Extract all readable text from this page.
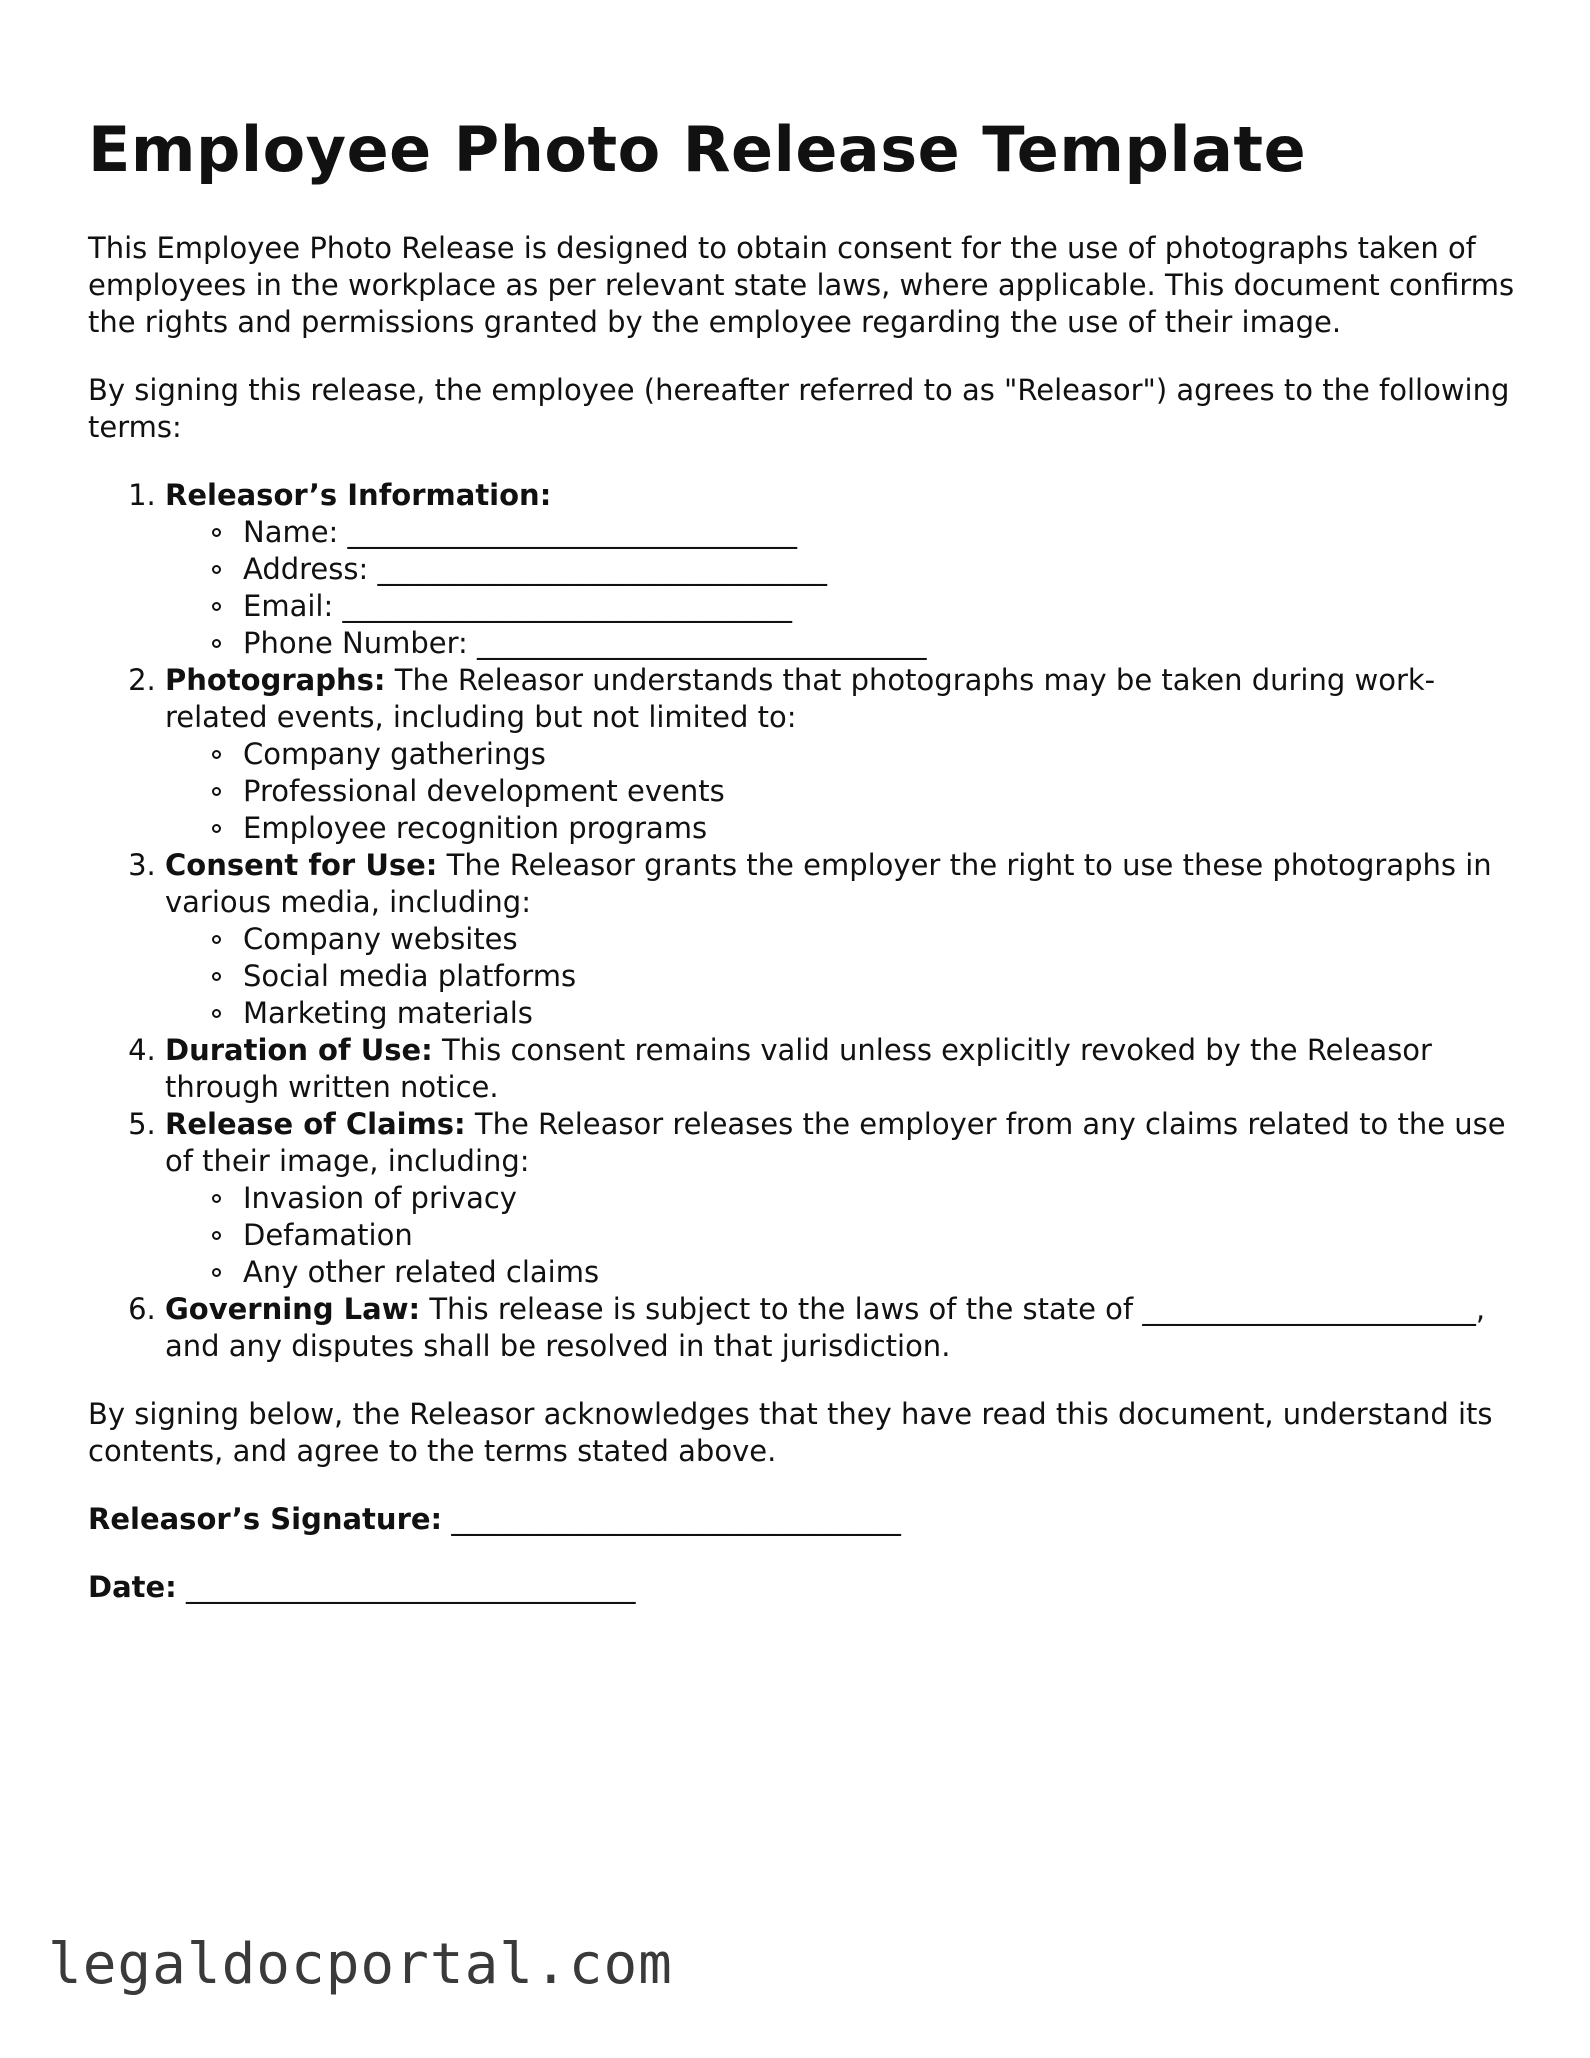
Employee Photo Release Template

This Employee Photo Release is designed to obtain consent for the use of photographs taken of employees in the workplace as per relevant state laws, where applicable. This document confirms the rights and permissions granted by the employee regarding the use of their image.

By signing this release, the employee (hereafter referred to as "Releasor") agrees to the following terms:

1. Releasor’s Information:
Name: _______________________________
Address: _______________________________
Email: _______________________________
Phone Number: _______________________________
2. Photographs: The Releasor understands that photographs may be taken during work-related events, including but not limited to:
Company gatherings
Professional development events
Employee recognition programs
3. Consent for Use: The Releasor grants the employer the right to use these photographs in various media, including:
Company websites
Social media platforms
Marketing materials
4. Duration of Use: This consent remains valid unless explicitly revoked by the Releasor through written notice.
5. Release of Claims: The Releasor releases the employer from any claims related to the use of their image, including:
Invasion of privacy
Defamation
Any other related claims
6. Governing Law: This release is subject to the laws of the state of _______________________, and any disputes shall be resolved in that jurisdiction.

By signing below, the Releasor acknowledges that they have read this document, understand its contents, and agree to the terms stated above.

Releasor’s Signature: _______________________________
Date: _______________________________
legaldocportal.com
